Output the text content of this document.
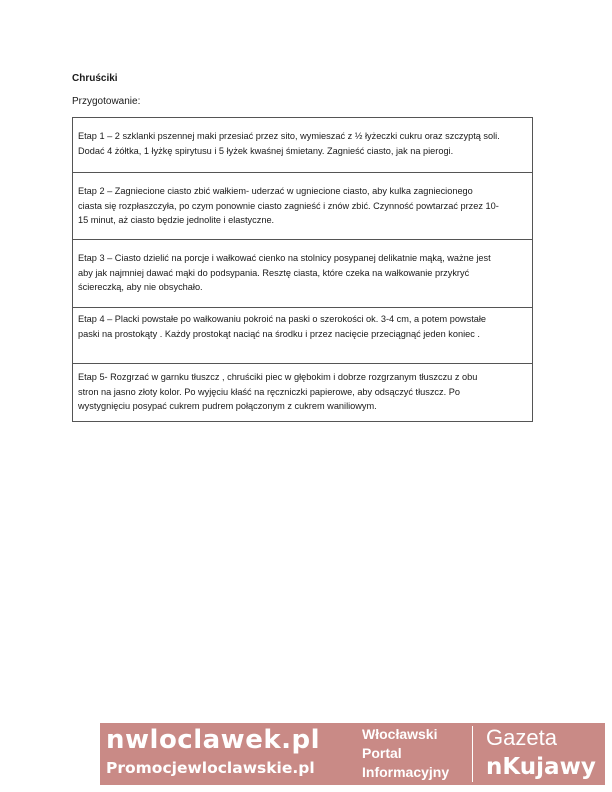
Chruściki
Przygotowanie:
Etap 1 – 2 szklanki pszennej maki przesiać przez sito, wymieszać z ½ łyżeczki cukru oraz szczyptą soli.
Dodać 4 żółtka, 1 łyżkę spirytusu i 5 łyżek kwaśnej śmietany. Zagnieść ciasto, jak na pierogi.
Etap 2 – Zagniecione ciasto zbić wałkiem- uderzać w ugniecione ciasto, aby kulka zagniecionego
ciasta się rozpłaszczyła, po czym ponownie ciasto zagnieść i znów zbić. Czynność powtarzać przez 10-
15 minut, aż ciasto będzie jednolite i elastyczne.
Etap 3 – Ciasto dzielić na porcje i wałkować cienko na stolnicy posypanej delikatnie mąką, ważne jest
aby jak najmniej dawać mąki do podsypania. Resztę ciasta, które czeka na wałkowanie przykryć
ściereczką, aby nie obsychało.
Etap 4 – Placki powstałe po wałkowaniu pokroić na paski o szerokości ok. 3-4 cm, a potem powstałe
paski na prostokąty . Każdy prostokąt naciąć na środku i przez nacięcie przeciągnąć jeden koniec .
Etap 5- Rozgrzać w garnku tłuszcz , chruściki piec w głębokim i dobrze rozgrzanym tłuszczu z obu
stron na jasno złoty kolor. Po wyjęciu kłaść na ręczniczki papierowe, aby odsączyć tłuszcz. Po
wystygnięciu posypać cukrem pudrem połączonym z cukrem waniliowym.
nwloclawek.pl
Promocjewloclawskie.pl
Włocławski
Portal
Informacyjny
Gazeta
nKujawy
